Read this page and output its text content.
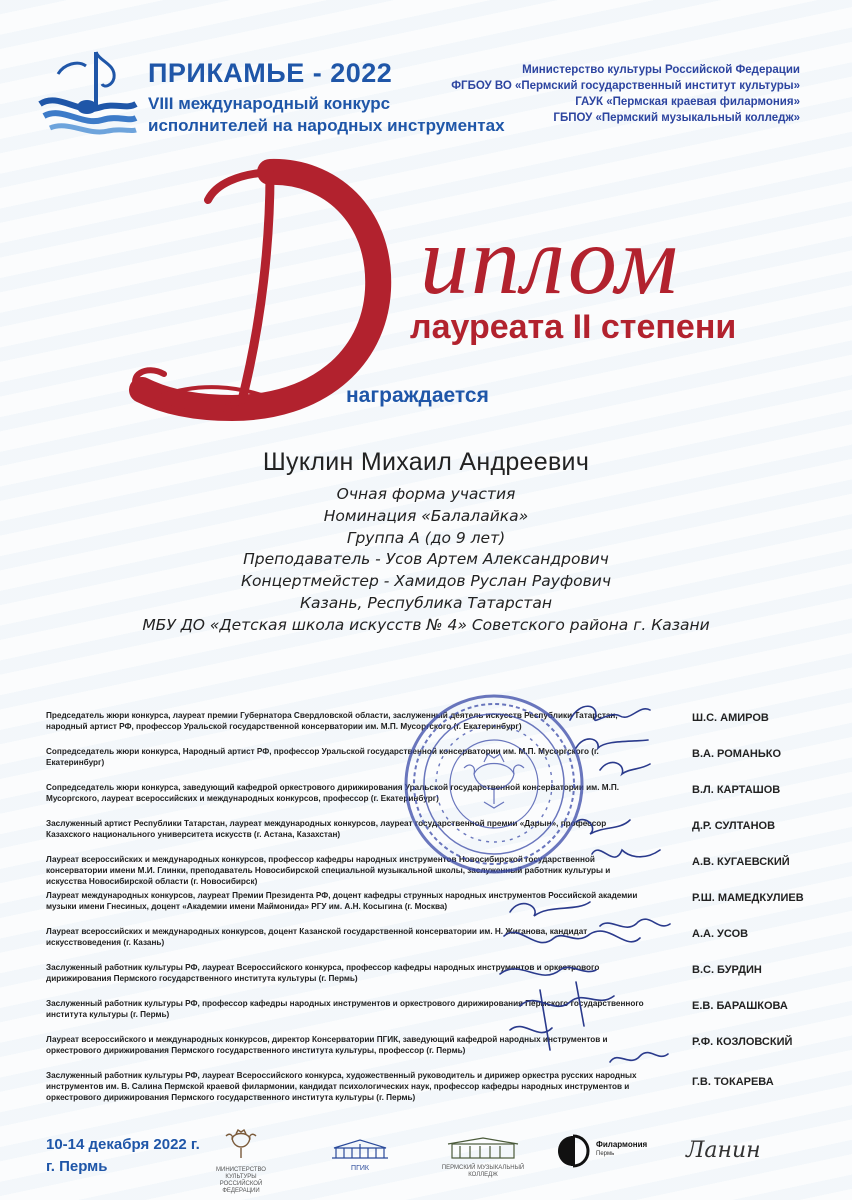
ПРИКАМЬЕ - 2022
VIII международный конкурс
исполнителей на народных инструментах
Министерство культуры Российской Федерации
ФГБОУ ВО «Пермский государственный институт культуры»
ГАУК «Пермская краевая филармония»
ГБПОУ «Пермский музыкальный колледж»
иплом
лауреата II степени
награждается
Шуклин Михаил Андреевич
Очная форма участия
Номинация «Балалайка»
Группа А (до 9 лет)
Преподаватель - Усов Артем Александрович
Концертмейстер - Хамидов Руслан Рауфович
Казань, Республика Татарстан
МБУ ДО «Детская школа искусств № 4» Советского района г. Казани
Председатель жюри конкурса, лауреат премии Губернатора Свердловской области, заслуженный деятель искусств Республики Татарстан, народный артист РФ, профессор Уральской государственной консерватории им. М.П. Мусоргского (г. Екатеринбург)
Ш.С. АМИРОВ
Сопредседатель жюри конкурса, Народный артист РФ, профессор Уральской государственной консерватории им. М.П. Мусоргского (г. Екатеринбург)
В.А. РОМАНЬКО
Сопредседатель жюри конкурса, заведующий кафедрой оркестрового дирижирования Уральской государственной консерватории им. М.П. Мусоргского, лауреат всероссийских и международных конкурсов, профессор (г. Екатеринбург)
В.Л. КАРТАШОВ
Заслуженный артист Республики Татарстан, лауреат международных конкурсов, лауреат государственной премии «Дарын», профессор Казахского национального университета искусств (г. Астана, Казахстан)
Д.Р. СУЛТАНОВ
Лауреат всероссийских и международных конкурсов, профессор кафедры народных инструментов Новосибирской государственной консерватории имени М.И. Глинки, преподаватель Новосибирской специальной музыкальной школы, заслуженный работник культуры и искусства Новосибирской области (г. Новосибирск)
А.В. КУГАЕВСКИЙ
Лауреат международных конкурсов, лауреат Премии Президента РФ, доцент кафедры струнных народных инструментов Российской академии музыки имени Гнесиных, доцент «Академии имени Маймонида» РГУ им. А.Н. Косыгина (г. Москва)
Р.Ш. МАМЕДКУЛИЕВ
Лауреат всероссийских и международных конкурсов, доцент Казанской государственной консерватории им. Н. Жиганова, кандидат искусствоведения (г. Казань)
А.А. УСОВ
Заслуженный работник культуры РФ, лауреат Всероссийского конкурса, профессор кафедры народных инструментов и оркестрового дирижирования Пермского государственного института культуры (г. Пермь)
В.С. БУРДИН
Заслуженный работник культуры РФ, профессор кафедры народных инструментов и оркестрового дирижирования Пермского государственного института культуры (г. Пермь)
Е.В. БАРАШКОВА
Лауреат всероссийского и международных конкурсов, директор Консерватории ПГИК, заведующий кафедрой народных инструментов и оркестрового дирижирования Пермского государственного института культуры, профессор (г. Пермь)
Р.Ф. КОЗЛОВСКИЙ
Заслуженный работник культуры РФ, лауреат Всероссийского конкурса, художественный руководитель и дирижер оркестра русских народных инструментов им. В. Салина Пермской краевой филармонии, кандидат психологических наук, профессор кафедры народных инструментов и оркестрового дирижирования Пермского государственного института культуры (г. Пермь)
Г.В. ТОКАРЕВА
10-14 декабря 2022 г.
г. Пермь	МИНИСТЕРСТВО КУЛЬТУРЫ РОССИЙСКОЙ ФЕДЕРАЦИИ
ПГИК	ПЕРМСКИЙ МУЗЫКАЛЬНЫЙ КОЛЛЕДЖ
Филармония
Пермь	Ланин
